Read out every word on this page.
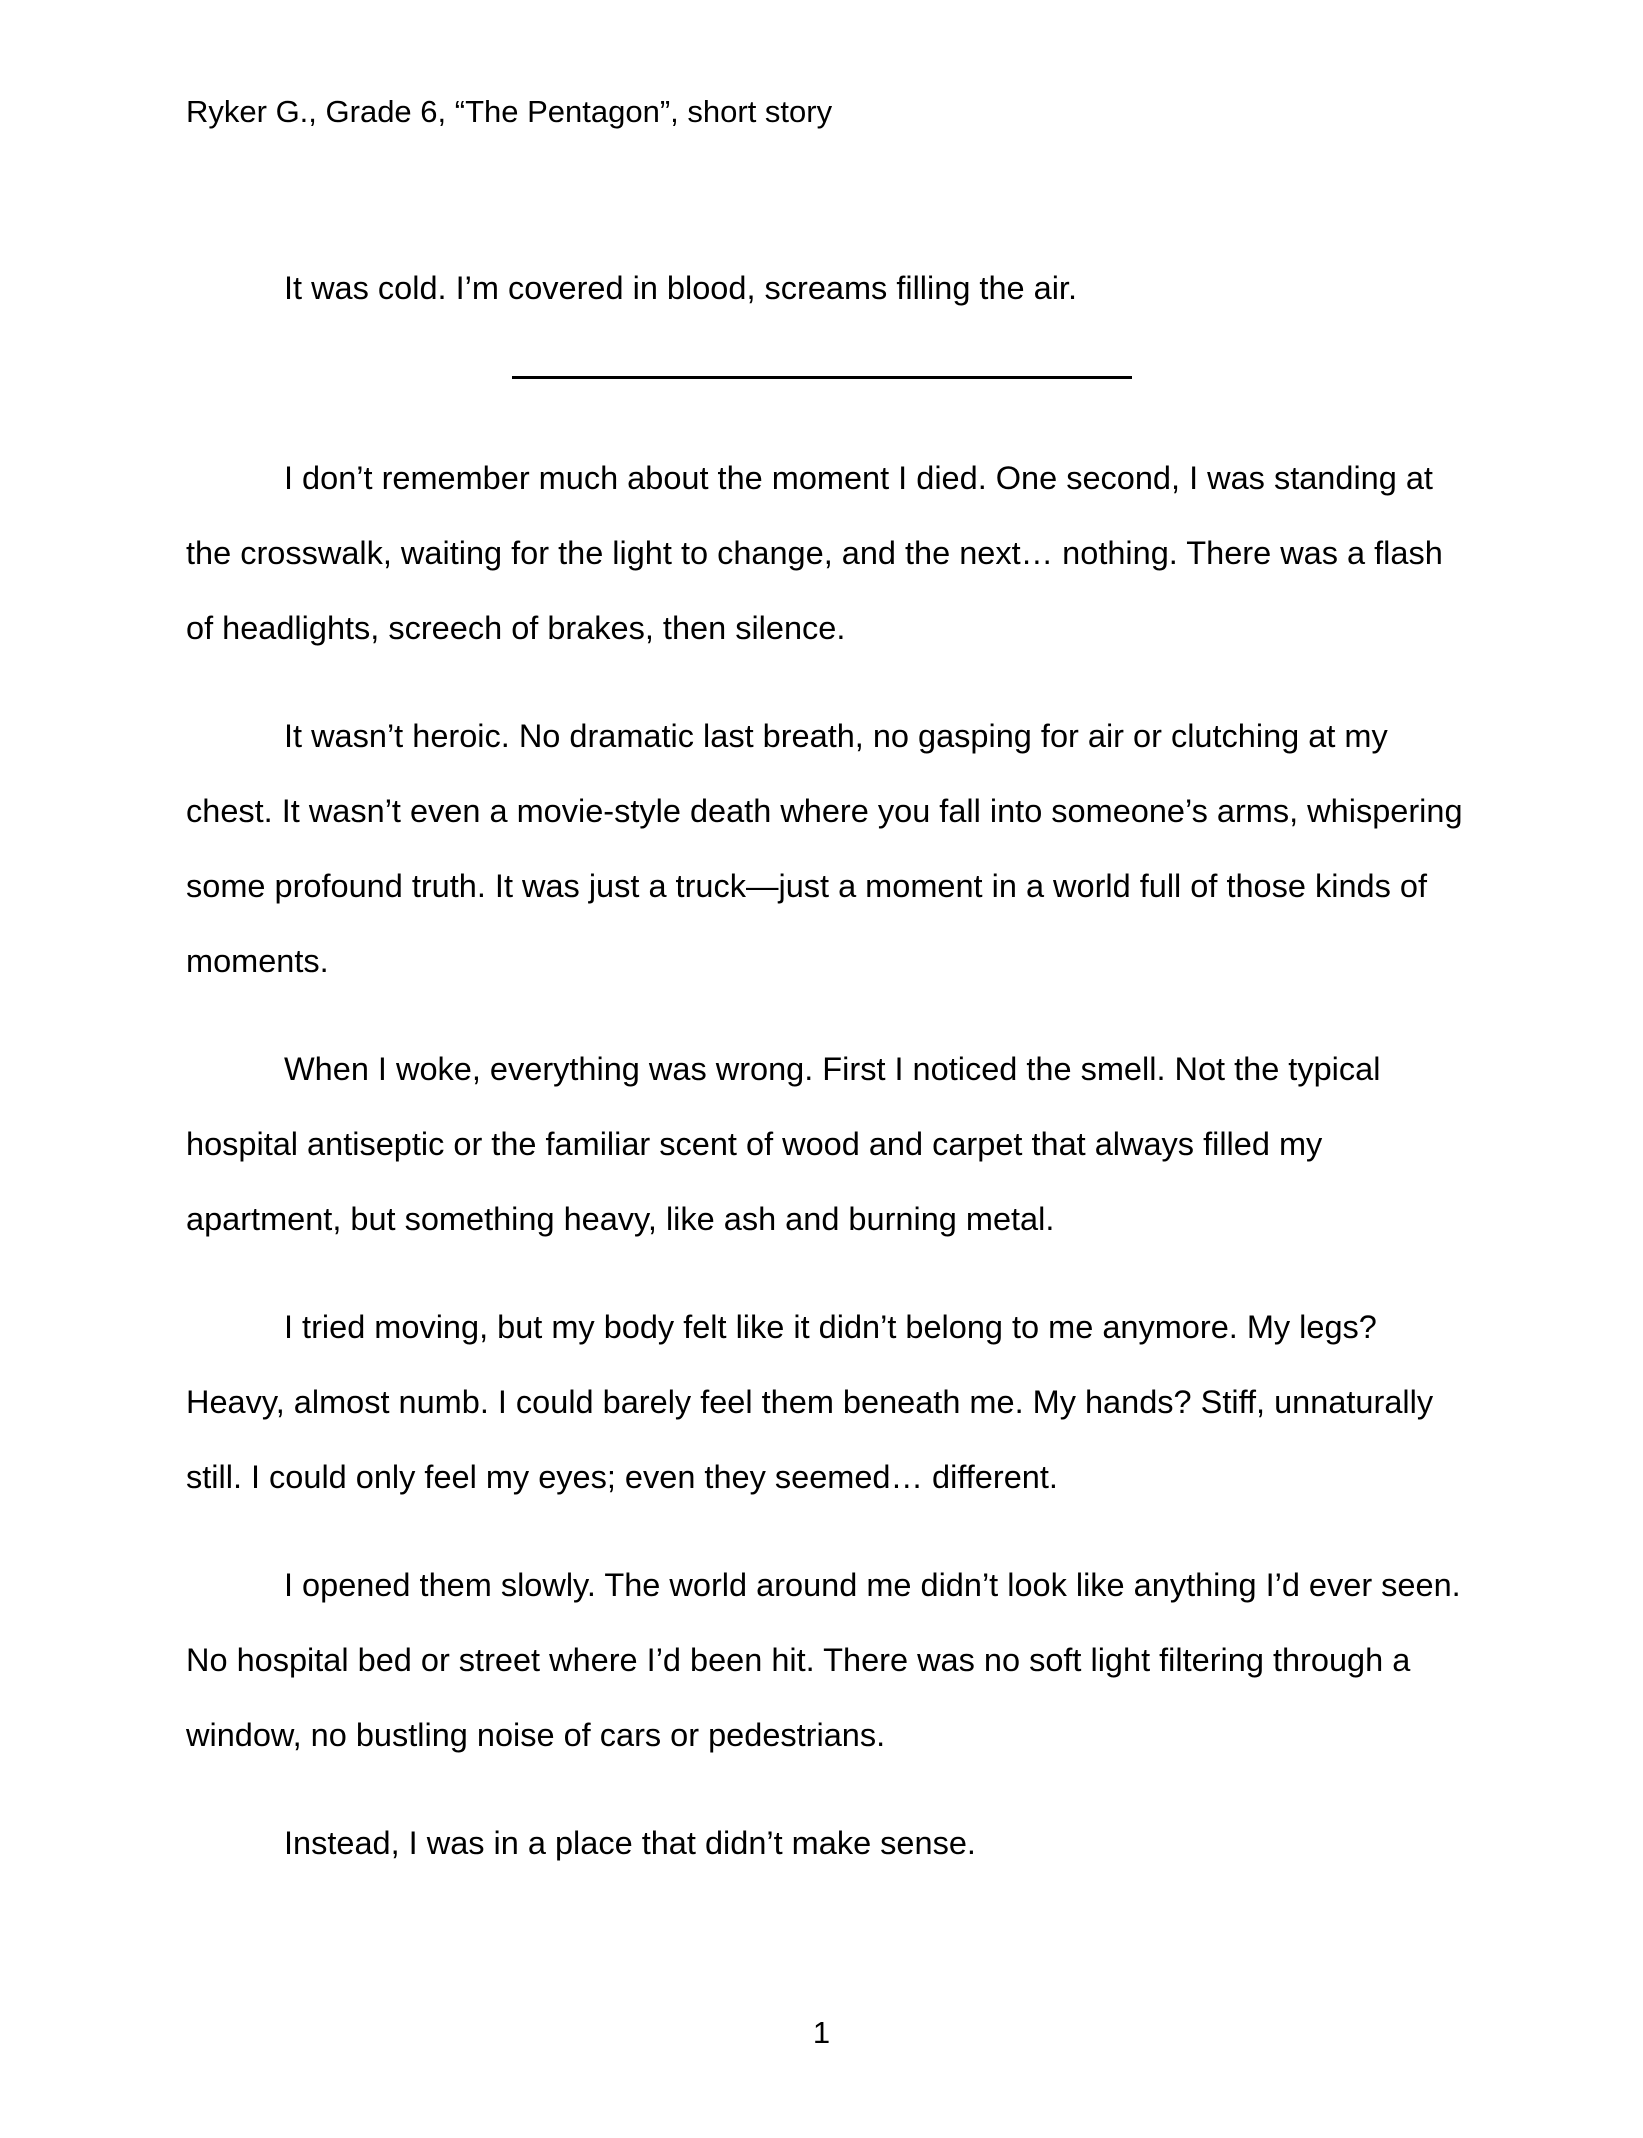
Ryker G., Grade 6, “The Pentagon”, short story
It was cold. I’m covered in blood, screams filling the air.

I don’t remember much about the moment I died. One second, I was standing at the crosswalk, waiting for the light to change, and the next… nothing. There was a flash of headlights, screech of brakes, then silence.

It wasn’t heroic. No dramatic last breath, no gasping for air or clutching at my chest. It wasn’t even a movie-style death where you fall into someone’s arms, whispering some profound truth. It was just a truck—just a moment in a world full of those kinds of moments.

When I woke, everything was wrong. First I noticed the smell. Not the typical hospital antiseptic or the familiar scent of wood and carpet that always filled my apartment, but something heavy, like ash and burning metal.

I tried moving, but my body felt like it didn’t belong to me anymore. My legs? Heavy, almost numb. I could barely feel them beneath me. My hands? Stiff, unnaturally still. I could only feel my eyes; even they seemed… different.

I opened them slowly. The world around me didn’t look like anything I’d ever seen. No hospital bed or street where I’d been hit. There was no soft light filtering through a window, no bustling noise of cars or pedestrians.

Instead, I was in a place that didn’t make sense.

1
